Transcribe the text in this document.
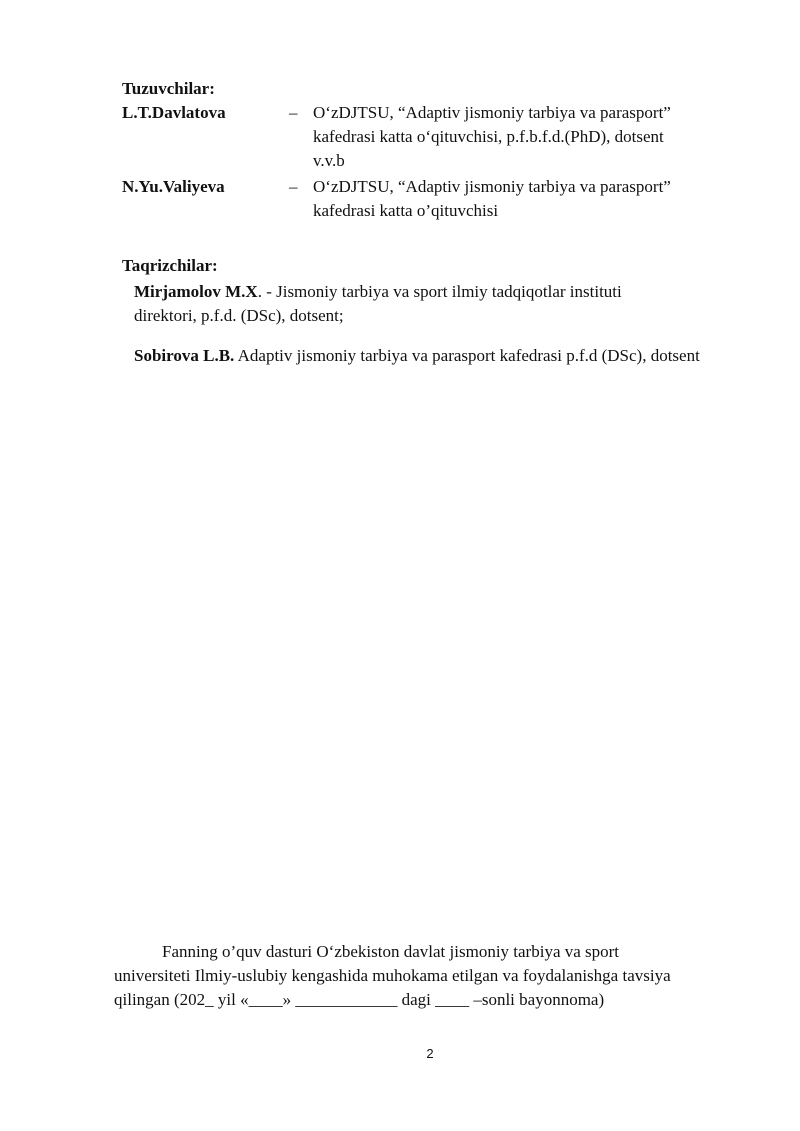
Tuzuvchilar:
L.T.Davlatova	– O‘zDJTSU, “Adaptiv jismoniy tarbiya va parasport”
kafedrasi katta o‘qituvchisi, p.f.b.f.d.(PhD), dotsent
v.v.b
N.Yu.Valiyeva	– O‘zDJTSU, “Adaptiv jismoniy tarbiya va parasport”
kafedrasi katta o’qituvchisi
Taqrizchilar:
Mirjamolov M.X. - Jismoniy tarbiya va sport ilmiy tadqiqotlar instituti
direktori, p.f.d. (DSc), dotsent;
Sobirova L.B. Adaptiv jismoniy tarbiya va parasport kafedrasi p.f.d (DSc), dotsent
Fanning o’quv dasturi O‘zbekiston davlat jismoniy tarbiya va sport
universiteti Ilmiy-uslubiy kengashida muhokama etilgan va foydalanishga tavsiya
qilingan (202_ yil «____» ____________ dagi ____ –sonli bayonnoma)
2
